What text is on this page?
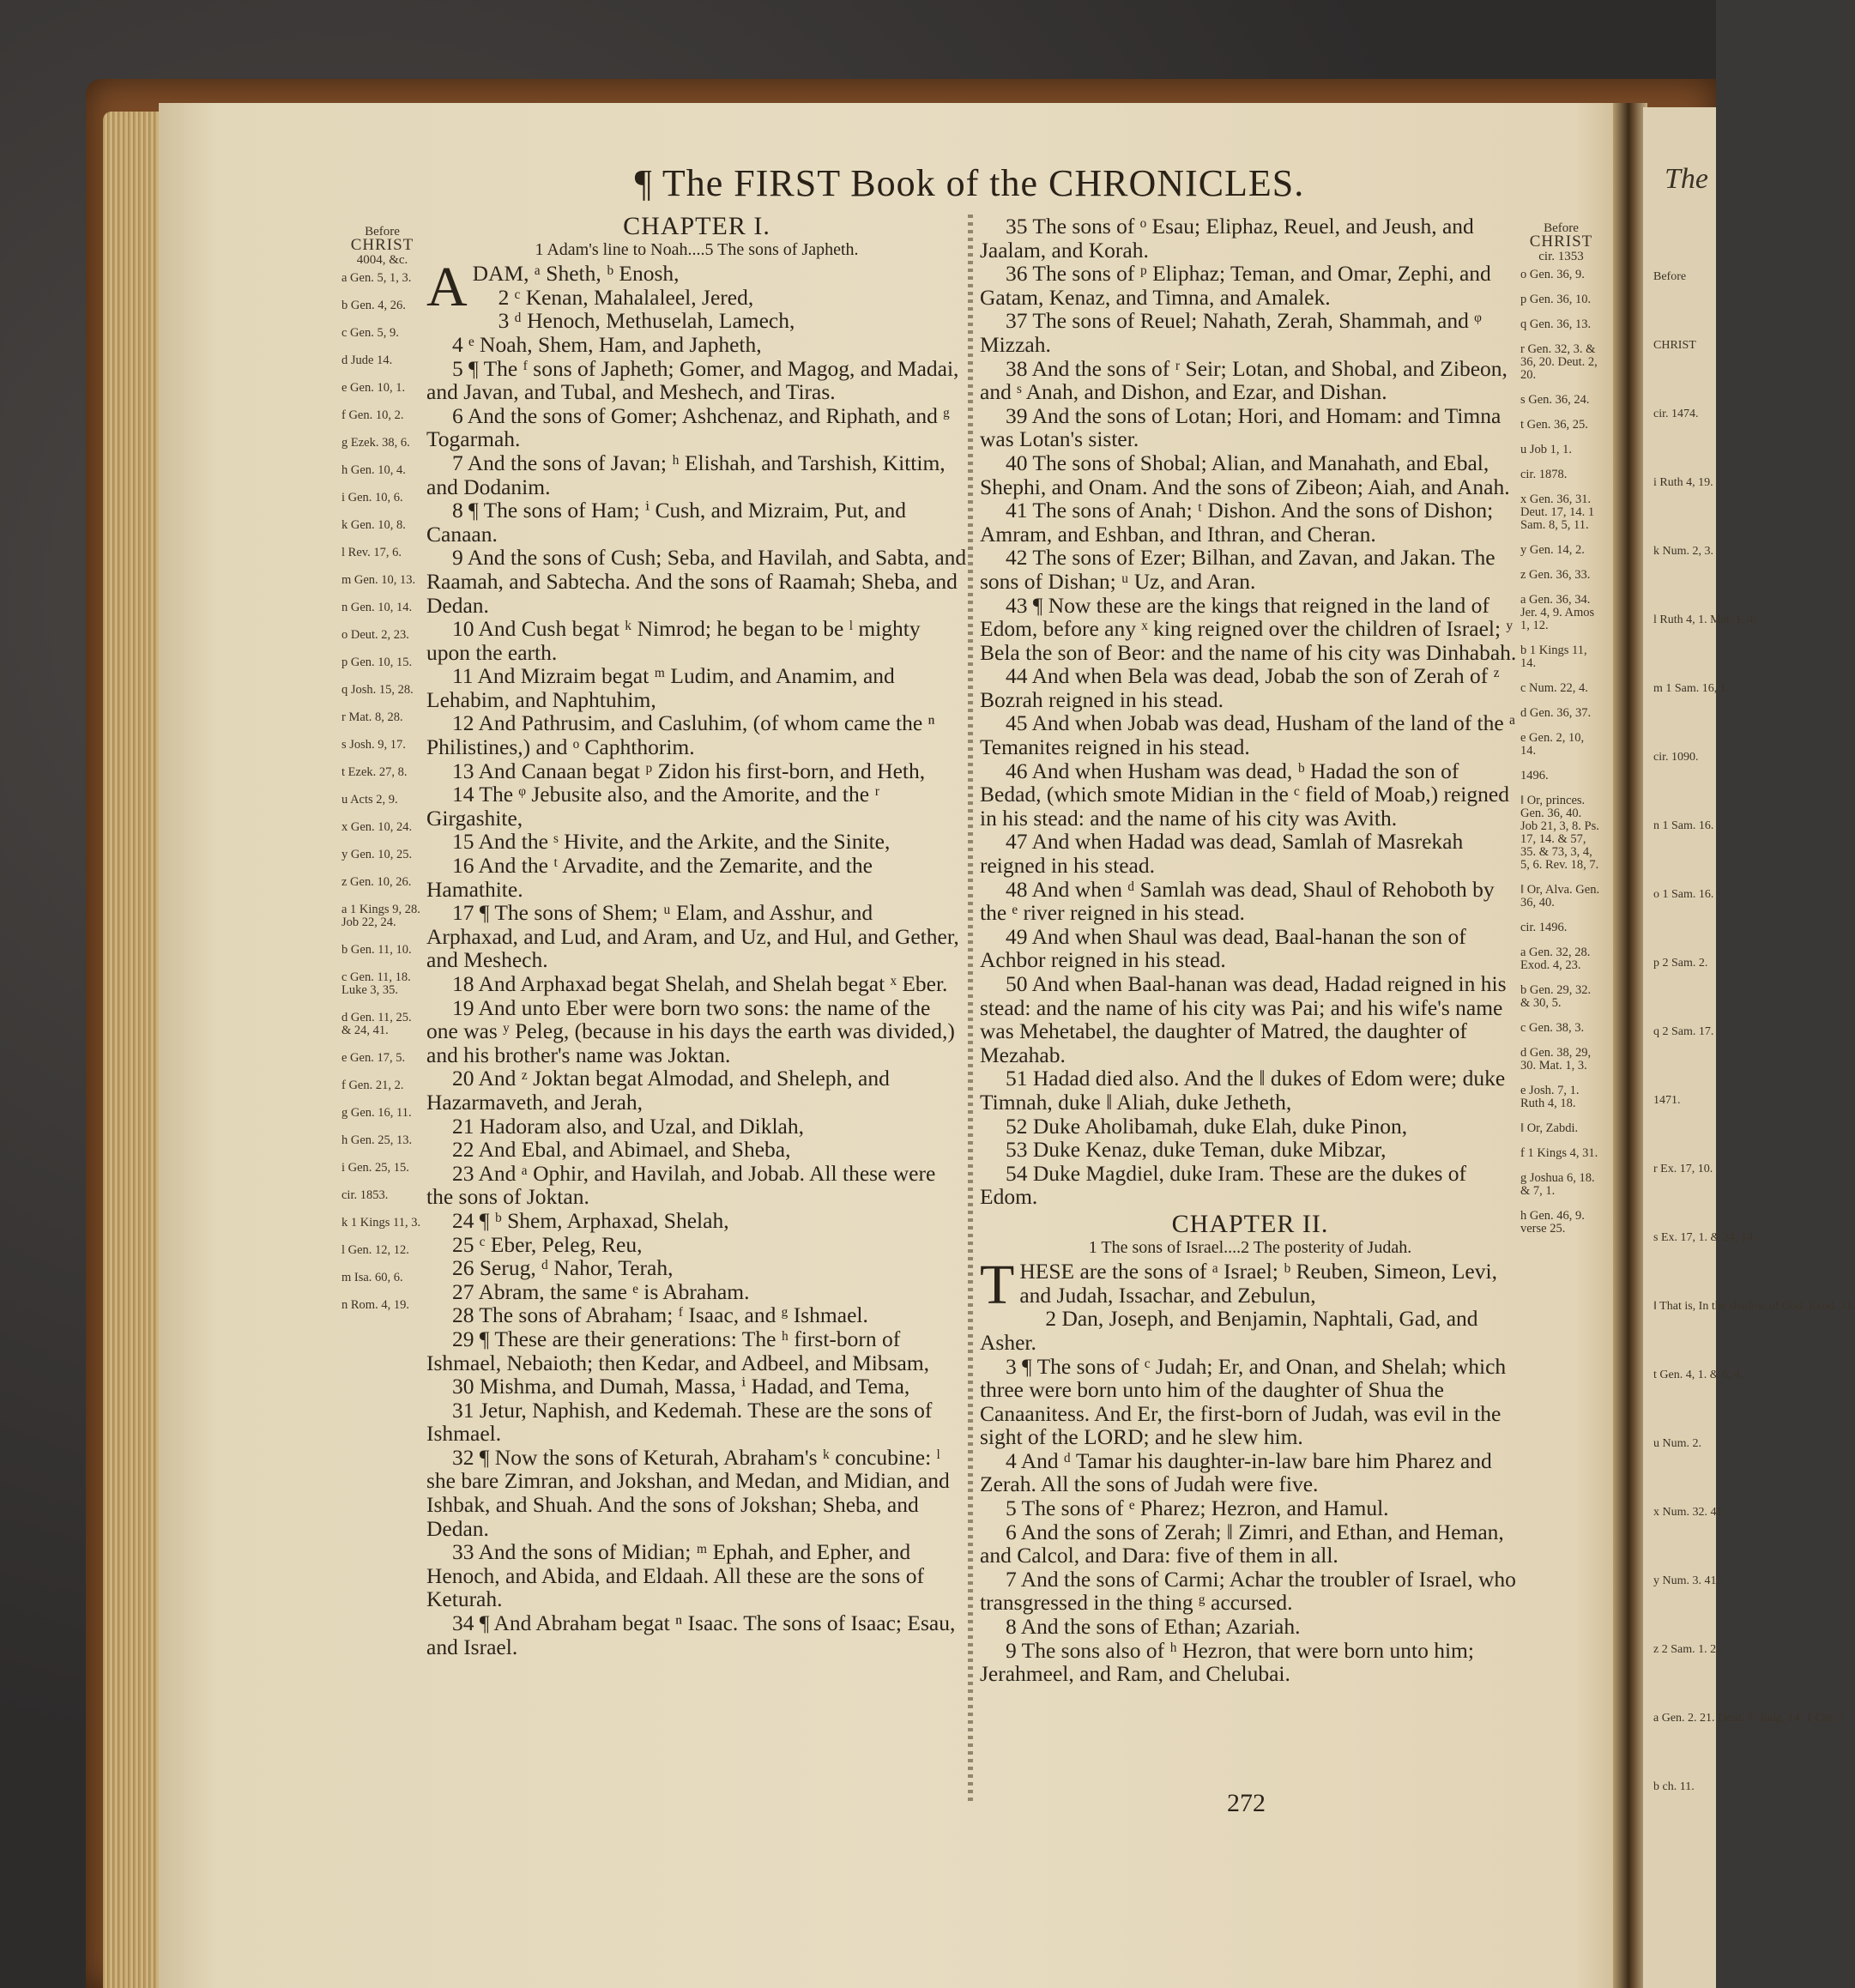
The
Before
CHRIST
cir. 1474.
i Ruth 4, 19.
k Num. 2, 3.
l Ruth 4, 1. Mat. 1, 4.
m 1 Sam. 16, 1.
cir. 1090.
n 1 Sam. 16.
o 1 Sam. 16.
p 2 Sam. 2.
q 2 Sam. 17.
1471.
r Ex. 17, 10.
s Ex. 17, 1. & 24, 14.
‖ That is, In the shadow of God. Exod. 31.
t Gen. 4, 1. & 6, 4.
u Num. 2.
x Num. 32. 41.
y Num. 3. 41.
z 2 Sam. 1. 2.
a Gen. 2. 21. Deut. 7. Judg. 14. 1 Cor. 7.
b ch. 11.
¶ The FIRST Book of the CHRONICLES.
Before
CHRIST
4004, &c.
a Gen. 5, 1, 3.
b Gen. 4, 26.
c Gen. 5, 9.
d Jude 14.
e Gen. 10, 1.
f Gen. 10, 2.
g Ezek. 38, 6.
h Gen. 10, 4.
i Gen. 10, 6.
k Gen. 10, 8.
l Rev. 17, 6.
m Gen. 10, 13.
n Gen. 10, 14.
o Deut. 2, 23.
p Gen. 10, 15.
q Josh. 15, 28.
r Mat. 8, 28.
s Josh. 9, 17.
t Ezek. 27, 8.
u Acts 2, 9.
x Gen. 10, 24.
y Gen. 10, 25.
z Gen. 10, 26.
a 1 Kings 9, 28. Job 22, 24.
b Gen. 11, 10.
c Gen. 11, 18. Luke 3, 35.
d Gen. 11, 25. & 24, 41.
e Gen. 17, 5.
f Gen. 21, 2.
g Gen. 16, 11.
h Gen. 25, 13.
i Gen. 25, 15.
cir. 1853.
k 1 Kings 11, 3.
l Gen. 12, 12.
m Isa. 60, 6.
n Rom. 4, 19.
Before
CHRIST
cir. 1353
o Gen. 36, 9.
p Gen. 36, 10.
q Gen. 36, 13.
r Gen. 32, 3. & 36, 20. Deut. 2, 20.
s Gen. 36, 24.
t Gen. 36, 25.
u Job 1, 1.
cir. 1878.
x Gen. 36, 31. Deut. 17, 14. 1 Sam. 8, 5, 11.
y Gen. 14, 2.
z Gen. 36, 33.
a Gen. 36, 34. Jer. 4, 9. Amos 1, 12.
b 1 Kings 11, 14.
c Num. 22, 4.
d Gen. 36, 37.
e Gen. 2, 10, 14.
1496.
‖ Or, princes. Gen. 36, 40. Job 21, 3, 8. Ps. 17, 14. & 57, 35. & 73, 3, 4, 5, 6. Rev. 18, 7.
‖ Or, Alva. Gen. 36, 40.
cir. 1496.
a Gen. 32, 28. Exod. 4, 23.
b Gen. 29, 32. & 30, 5.
c Gen. 38, 3.
d Gen. 38, 29, 30. Mat. 1, 3.
e Josh. 7, 1. Ruth 4, 18.
‖ Or, Zabdi.
f 1 Kings 4, 31.
g Joshua 6, 18. & 7, 1.
h Gen. 46, 9. verse 25.

CHAPTER I.

1 Adam's line to Noah....5 The sons of Japheth.

ADAM, ᵃ Sheth, ᵇ Enosh,

2 ᶜ Kenan, Mahalaleel, Jered,

3 ᵈ Henoch, Methuselah, Lamech,

4 ᵉ Noah, Shem, Ham, and Japheth,

5 ¶ The ᶠ sons of Japheth; Gomer, and Magog, and Madai, and Javan, and Tubal, and Meshech, and Tiras.

6 And the sons of Gomer; Ashchenaz, and Riphath, and ᵍ Togarmah.

7 And the sons of Javan; ʰ Elishah, and Tarshish, Kittim, and Dodanim.

8 ¶ The sons of Ham; ⁱ Cush, and Mizraim, Put, and Canaan.

9 And the sons of Cush; Seba, and Havilah, and Sabta, and Raamah, and Sabtecha. And the sons of Raamah; Sheba, and Dedan.

10 And Cush begat ᵏ Nimrod; he began to be ˡ mighty upon the earth.

11 And Mizraim begat ᵐ Ludim, and Anamim, and Lehabim, and Naphtuhim,

12 And Pathrusim, and Casluhim, (of whom came the ⁿ Philistines,) and ᵒ Caphthorim.

13 And Canaan begat ᵖ Zidon his first-born, and Heth,

14 The ᵠ Jebusite also, and the Amorite, and the ʳ Girgashite,

15 And the ˢ Hivite, and the Arkite, and the Sinite,

16 And the ᵗ Arvadite, and the Zemarite, and the Hamathite.

17 ¶ The sons of Shem; ᵘ Elam, and Asshur, and Arphaxad, and Lud, and Aram, and Uz, and Hul, and Gether, and Meshech.

18 And Arphaxad begat Shelah, and Shelah begat ˣ Eber.

19 And unto Eber were born two sons: the name of the one was ʸ Peleg, (because in his days the earth was divided,) and his brother's name was Joktan.

20 And ᶻ Joktan begat Almodad, and Sheleph, and Hazarmaveth, and Jerah,

21 Hadoram also, and Uzal, and Diklah,

22 And Ebal, and Abimael, and Sheba,

23 And ᵃ Ophir, and Havilah, and Jobab. All these were the sons of Joktan.

24 ¶ ᵇ Shem, Arphaxad, Shelah,

25 ᶜ Eber, Peleg, Reu,

26 Serug, ᵈ Nahor, Terah,

27 Abram, the same ᵉ is Abraham.

28 The sons of Abraham; ᶠ Isaac, and ᵍ Ishmael.

29 ¶ These are their generations: The ʰ first-born of Ishmael, Nebaioth; then Kedar, and Adbeel, and Mibsam,

30 Mishma, and Dumah, Massa, ⁱ Hadad, and Tema,

31 Jetur, Naphish, and Kedemah. These are the sons of Ishmael.

32 ¶ Now the sons of Keturah, Abraham's ᵏ concubine: ˡ she bare Zimran, and Jokshan, and Medan, and Midian, and Ishbak, and Shuah. And the sons of Jokshan; Sheba, and Dedan.

33 And the sons of Midian; ᵐ Ephah, and Epher, and Henoch, and Abida, and Eldaah. All these are the sons of Keturah.

34 ¶ And Abraham begat ⁿ Isaac. The sons of Isaac; Esau, and Israel.

35 The sons of ᵒ Esau; Eliphaz, Reuel, and Jeush, and Jaalam, and Korah.

36 The sons of ᵖ Eliphaz; Teman, and Omar, Zephi, and Gatam, Kenaz, and Timna, and Amalek.

37 The sons of Reuel; Nahath, Zerah, Shammah, and ᵠ Mizzah.

38 And the sons of ʳ Seir; Lotan, and Shobal, and Zibeon, and ˢ Anah, and Dishon, and Ezar, and Dishan.

39 And the sons of Lotan; Hori, and Homam: and Timna was Lotan's sister.

40 The sons of Shobal; Alian, and Manahath, and Ebal, Shephi, and Onam. And the sons of Zibeon; Aiah, and Anah.

41 The sons of Anah; ᵗ Dishon. And the sons of Dishon; Amram, and Eshban, and Ithran, and Cheran.

42 The sons of Ezer; Bilhan, and Zavan, and Jakan. The sons of Dishan; ᵘ Uz, and Aran.

43 ¶ Now these are the kings that reigned in the land of Edom, before any ˣ king reigned over the children of Israel; ʸ Bela the son of Beor: and the name of his city was Dinhabah.

44 And when Bela was dead, Jobab the son of Zerah of ᶻ Bozrah reigned in his stead.

45 And when Jobab was dead, Husham of the land of the ᵃ Temanites reigned in his stead.

46 And when Husham was dead, ᵇ Hadad the son of Bedad, (which smote Midian in the ᶜ field of Moab,) reigned in his stead: and the name of his city was Avith.

47 And when Hadad was dead, Samlah of Masrekah reigned in his stead.

48 And when ᵈ Samlah was dead, Shaul of Rehoboth by the ᵉ river reigned in his stead.

49 And when Shaul was dead, Baal-hanan the son of Achbor reigned in his stead.

50 And when Baal-hanan was dead, Hadad reigned in his stead: and the name of his city was Pai; and his wife's name was Mehetabel, the daughter of Matred, the daughter of Mezahab.

51 Hadad died also. And the ‖ dukes of Edom were; duke Timnah, duke ‖ Aliah, duke Jetheth,

52 Duke Aholibamah, duke Elah, duke Pinon,

53 Duke Kenaz, duke Teman, duke Mibzar,

54 Duke Magdiel, duke Iram. These are the dukes of Edom.

CHAPTER II.

1 The sons of Israel....2 The posterity of Judah.

THESE are the sons of ᵃ Israel; ᵇ Reuben, Simeon, Levi, and Judah, Issachar, and Zebulun,

2 Dan, Joseph, and Benjamin, Naphtali, Gad, and Asher.

3 ¶ The sons of ᶜ Judah; Er, and Onan, and Shelah; which three were born unto him of the daughter of Shua the Canaanitess. And Er, the first-born of Judah, was evil in the sight of the LORD; and he slew him.

4 And ᵈ Tamar his daughter-in-law bare him Pharez and Zerah. All the sons of Judah were five.

5 The sons of ᵉ Pharez; Hezron, and Hamul.

6 And the sons of Zerah; ‖ Zimri, and Ethan, and Heman, and Calcol, and Dara: five of them in all.

7 And the sons of Carmi; Achar the troubler of Israel, who transgressed in the thing ᵍ accursed.

8 And the sons of Ethan; Azariah.

9 The sons also of ʰ Hezron, that were born unto him; Jerahmeel, and Ram, and Chelubai.

272
